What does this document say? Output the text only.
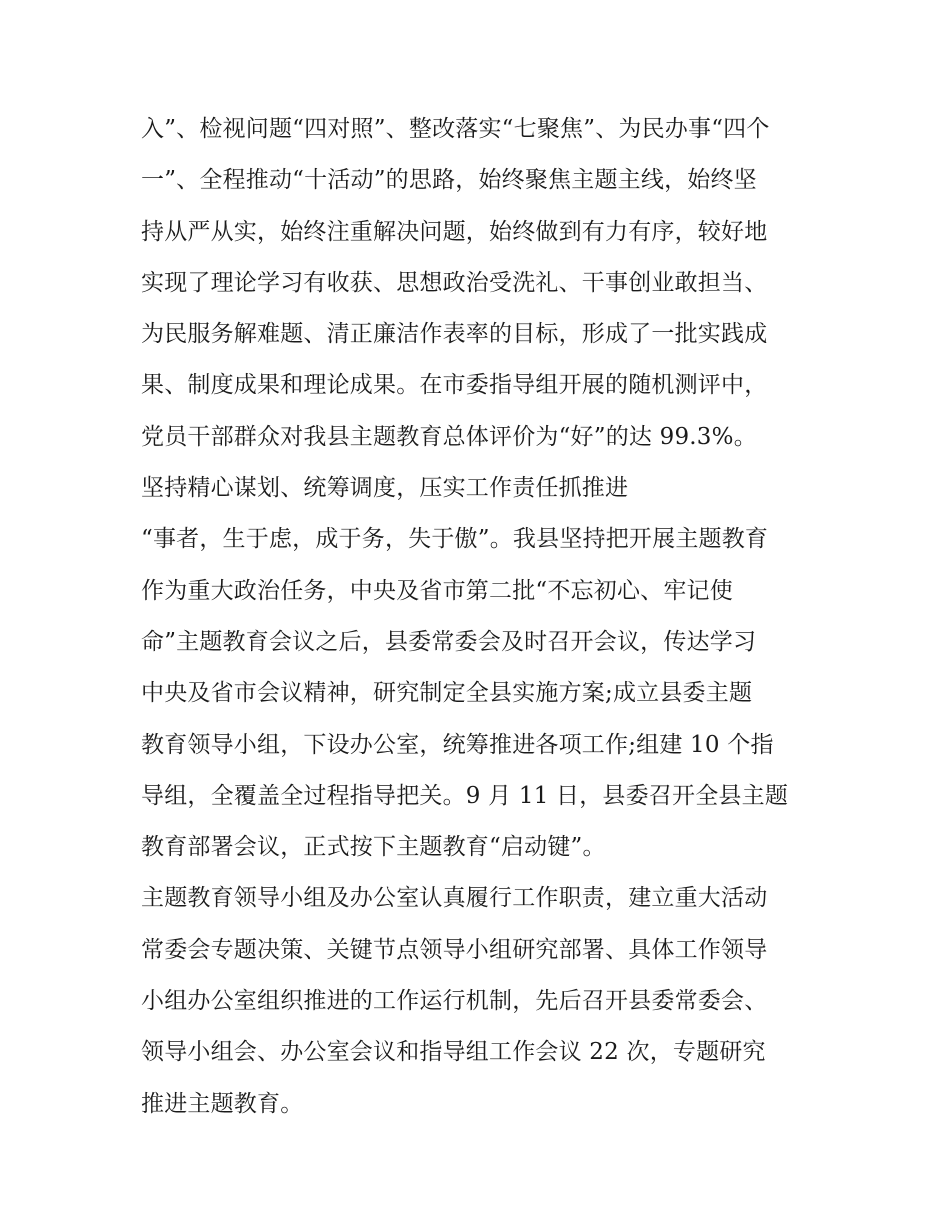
入”、检视问题“四对照”、整改落实“七聚焦”、为民办事“四个
一”、全程推动“十活动”的思路，始终聚焦主题主线，始终坚
持从严从实，始终注重解决问题，始终做到有力有序，较好地
实现了理论学习有收获、思想政治受洗礼、干事创业敢担当、
为民服务解难题、清正廉洁作表率的目标，形成了一批实践成
果、制度成果和理论成果。在市委指导组开展的随机测评中，
党员干部群众对我县主题教育总体评价为“好”的达 99.3%。
坚持精心谋划、统筹调度，压实工作责任抓推进
“事者，生于虑，成于务，失于傲”。我县坚持把开展主题教育
作为重大政治任务，中央及省市第二批“不忘初心、牢记使
命”主题教育会议之后，县委常委会及时召开会议，传达学习
中央及省市会议精神，研究制定全县实施方案;成立县委主题
教育领导小组，下设办公室，统筹推进各项工作;组建 10 个指
导组，全覆盖全过程指导把关。9 月 11 日，县委召开全县主题
教育部署会议，正式按下主题教育“启动键”。
主题教育领导小组及办公室认真履行工作职责，建立重大活动
常委会专题决策、关键节点领导小组研究部署、具体工作领导
小组办公室组织推进的工作运行机制，先后召开县委常委会、
领导小组会、办公室会议和指导组工作会议 22 次，专题研究
推进主题教育。
